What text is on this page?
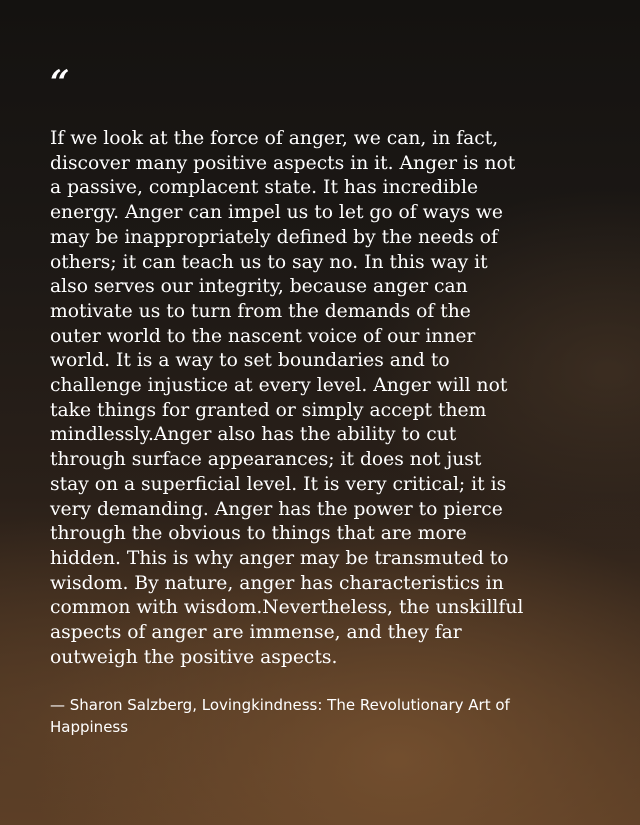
“

If we look at the force of anger, we can, in fact,
discover many positive aspects in it. Anger is not
a passive, complacent state. It has incredible
energy. Anger can impel us to let go of ways we
may be inappropriately defined by the needs of
others; it can teach us to say no. In this way it
also serves our integrity, because anger can
motivate us to turn from the demands of the
outer world to the nascent voice of our inner
world. It is a way to set boundaries and to
challenge injustice at every level. Anger will not
take things for granted or simply accept them
mindlessly.Anger also has the ability to cut
through surface appearances; it does not just
stay on a superficial level. It is very critical; it is
very demanding. Anger has the power to pierce
through the obvious to things that are more
hidden. This is why anger may be transmuted to
wisdom. By nature, anger has characteristics in
common with wisdom.Nevertheless, the unskillful
aspects of anger are immense, and they far
outweigh the positive aspects.

— Sharon Salzberg, Lovingkindness: The Revolutionary Art of
Happiness
